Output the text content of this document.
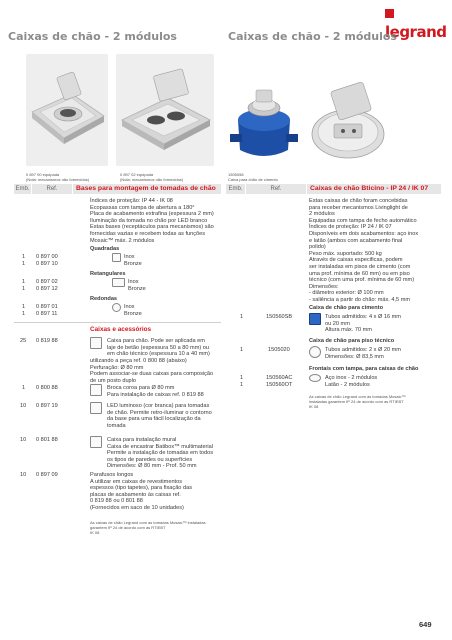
legrand
Caixas de chão - 2 módulos	Caixas de chão - 2 módulos
0 897 00 equipada
(Nota: mecanismos não fornecidos)
0 897 02 equipada
(Nota: mecanismos não fornecidos)
1505058
Caixa para chão de cimento
Emb.	Ref.	Bases para montagem de tomadas de chão
Índices de proteção: IP 44 - IK 08
Ecopassas com tampa de abertura a 180°
Placa de acabamento extrafina (espessura 2 mm)
Iluminação da tomada no chão por LED branco
Estas bases (receptáculos para mecanismos) são
fornecidas vazias e recebem todas as funções
Mosaic™ máx. 2 módulos
Quadradas
1 0 897 00	Inox
1 0 897 10	Bronze
Retangulares
1 0 897 02	Inox
1 0 897 12	Bronze
Redondas
1 0 897 01	Inox
1 0 897 11	Bronze
Caixas e acessórios
25 0 819 88	Caixa para chão. Pode ser aplicada em
laje de betão (espessura 50 a 80 mm) ou
em chão técnico (espessura 10 a 40 mm)
utilizando a peça ref. 0 800 88 (abaixo)
Perfuração: Ø 80 mm
Podem associar-se duas caixas para composição
de um posto duplo
1 0 800 88	Broca coroa para Ø 80 mm
Para instalação de caixas ref. 0 819 88
10 0 897 19	LED luminoso (cor branca) para tomadas
de chão. Permite retro-iluminar o contorno
da base para uma fácil localização da
tomada
10 0 801 88	Caixa para instalação mural
Caixa de encastrar Batibox™ multimaterial
Permite a instalação de tomadas em todos
os tipos de paredes ou superfícies
Dimensões: Ø 80 mm - Prof. 50 mm
10 0 897 09	Parafusos longos
A utilizar em caixas de revestimentos
espessos (tipo tapetes), para fixação das
placas de acabamento às caixas ref.
0 819 88 ou 0 801 88
(Fornecidos em saco de 10 unidades)
As caixas de chão Legrand com as tomadas Mosaic™ instaladas
garantem IP 24 de acordo com as RTIEBT
IK 08
Emb.	Ref.	Caixas de chão Bticino - IP 24 / IK 07
Estas caixas de chão foram concebidas
para receber mecanismos Livinglight de
2 módulos
Equipadas com tampa de fecho automático
Índices de proteção: IP 24 / IK 07
Disponíveis em dois acabamentos: aço inox
e latão (ambos com acabamento final
polido)
Peso máx. suportado: 500 kg
Através de caixas especificas, podem
ser instaladas em pisos de cimento (com
uma prof. mínima de 60 mm) ou em piso
técnico (com uma prof. mínima de 60 mm)
Dimensões:
- diâmetro exterior: Ø 100 mm
- saliência a partir do chão: máx. 4,5 mm
Caixa de chão para cimento
1	150560SB	Tubos admitidos: 4 x Ø 16 mm
ou 20 mm
Altura máx. 70 mm
Caixa de chão para piso técnico
1	1505020	Tubos admitidos: 2 x Ø 20 mm
Dimensões: Ø 83,5 mm
Frontais com tampa, para caixas de chão
1	150560AC	Aço inox - 2 módulos
1	150560OT	Latão - 2 módulos
As caixas de chão Legrand com as tomadas Mosaic™
instaladas garantem IP 24 de acordo com as RTIEBT
IK 08
649
